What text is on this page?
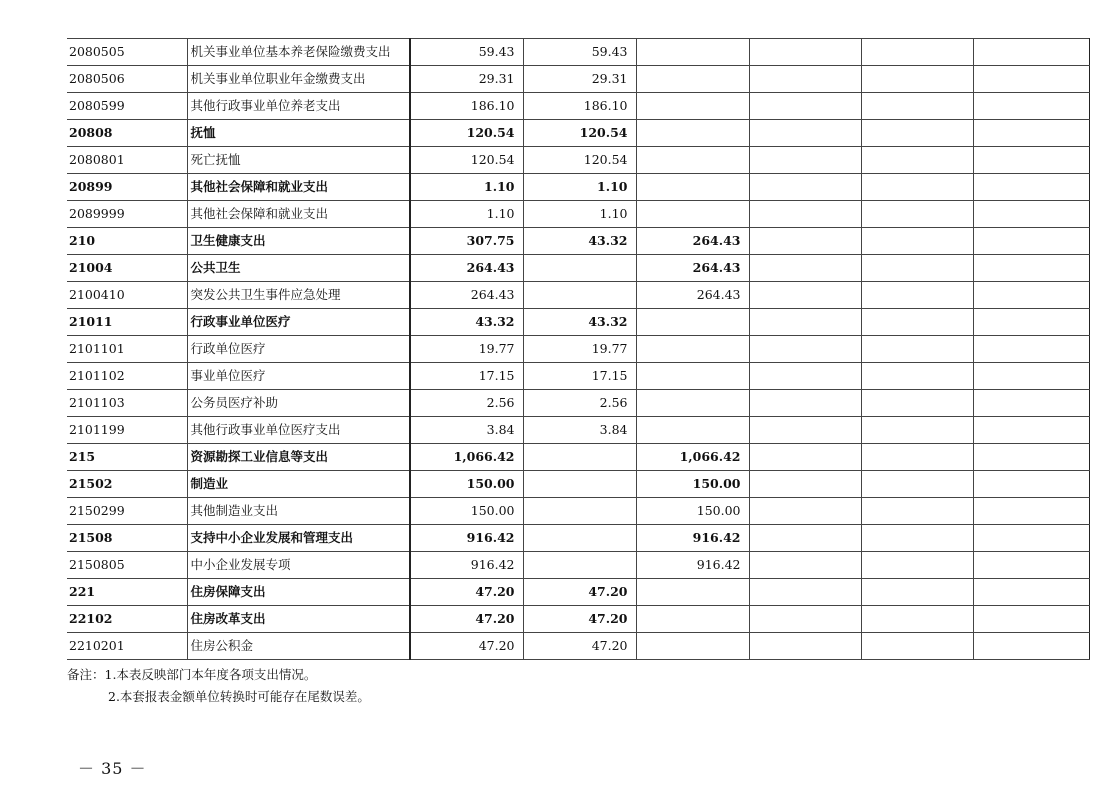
2080505	机关事业单位基本养老保险缴费支出	59.43	59.43				
2080506	机关事业单位职业年金缴费支出	29.31	29.31				
2080599	其他行政事业单位养老支出	186.10	186.10				
20808	抚恤	120.54	120.54				
2080801	死亡抚恤	120.54	120.54				
20899	其他社会保障和就业支出	1.10	1.10				
2089999	其他社会保障和就业支出	1.10	1.10				
210	卫生健康支出	307.75	43.32	264.43			
21004	公共卫生	264.43		264.43			
2100410	突发公共卫生事件应急处理	264.43		264.43			
21011	行政事业单位医疗	43.32	43.32				
2101101	行政单位医疗	19.77	19.77				
2101102	事业单位医疗	17.15	17.15				
2101103	公务员医疗补助	2.56	2.56				
2101199	其他行政事业单位医疗支出	3.84	3.84				
215	资源勘探工业信息等支出	1,066.42		1,066.42			
21502	制造业	150.00		150.00			
2150299	其他制造业支出	150.00		150.00			
21508	支持中小企业发展和管理支出	916.42		916.42			
2150805	中小企业发展专项	916.42		916.42			
221	住房保障支出	47.20	47.20				
22102	住房改革支出	47.20	47.20				
2210201	住房公积金	47.20	47.20				
备注：1.本表反映部门本年度各项支出情况。
2.本套报表金额单位转换时可能存在尾数误差。
－ 35 －
